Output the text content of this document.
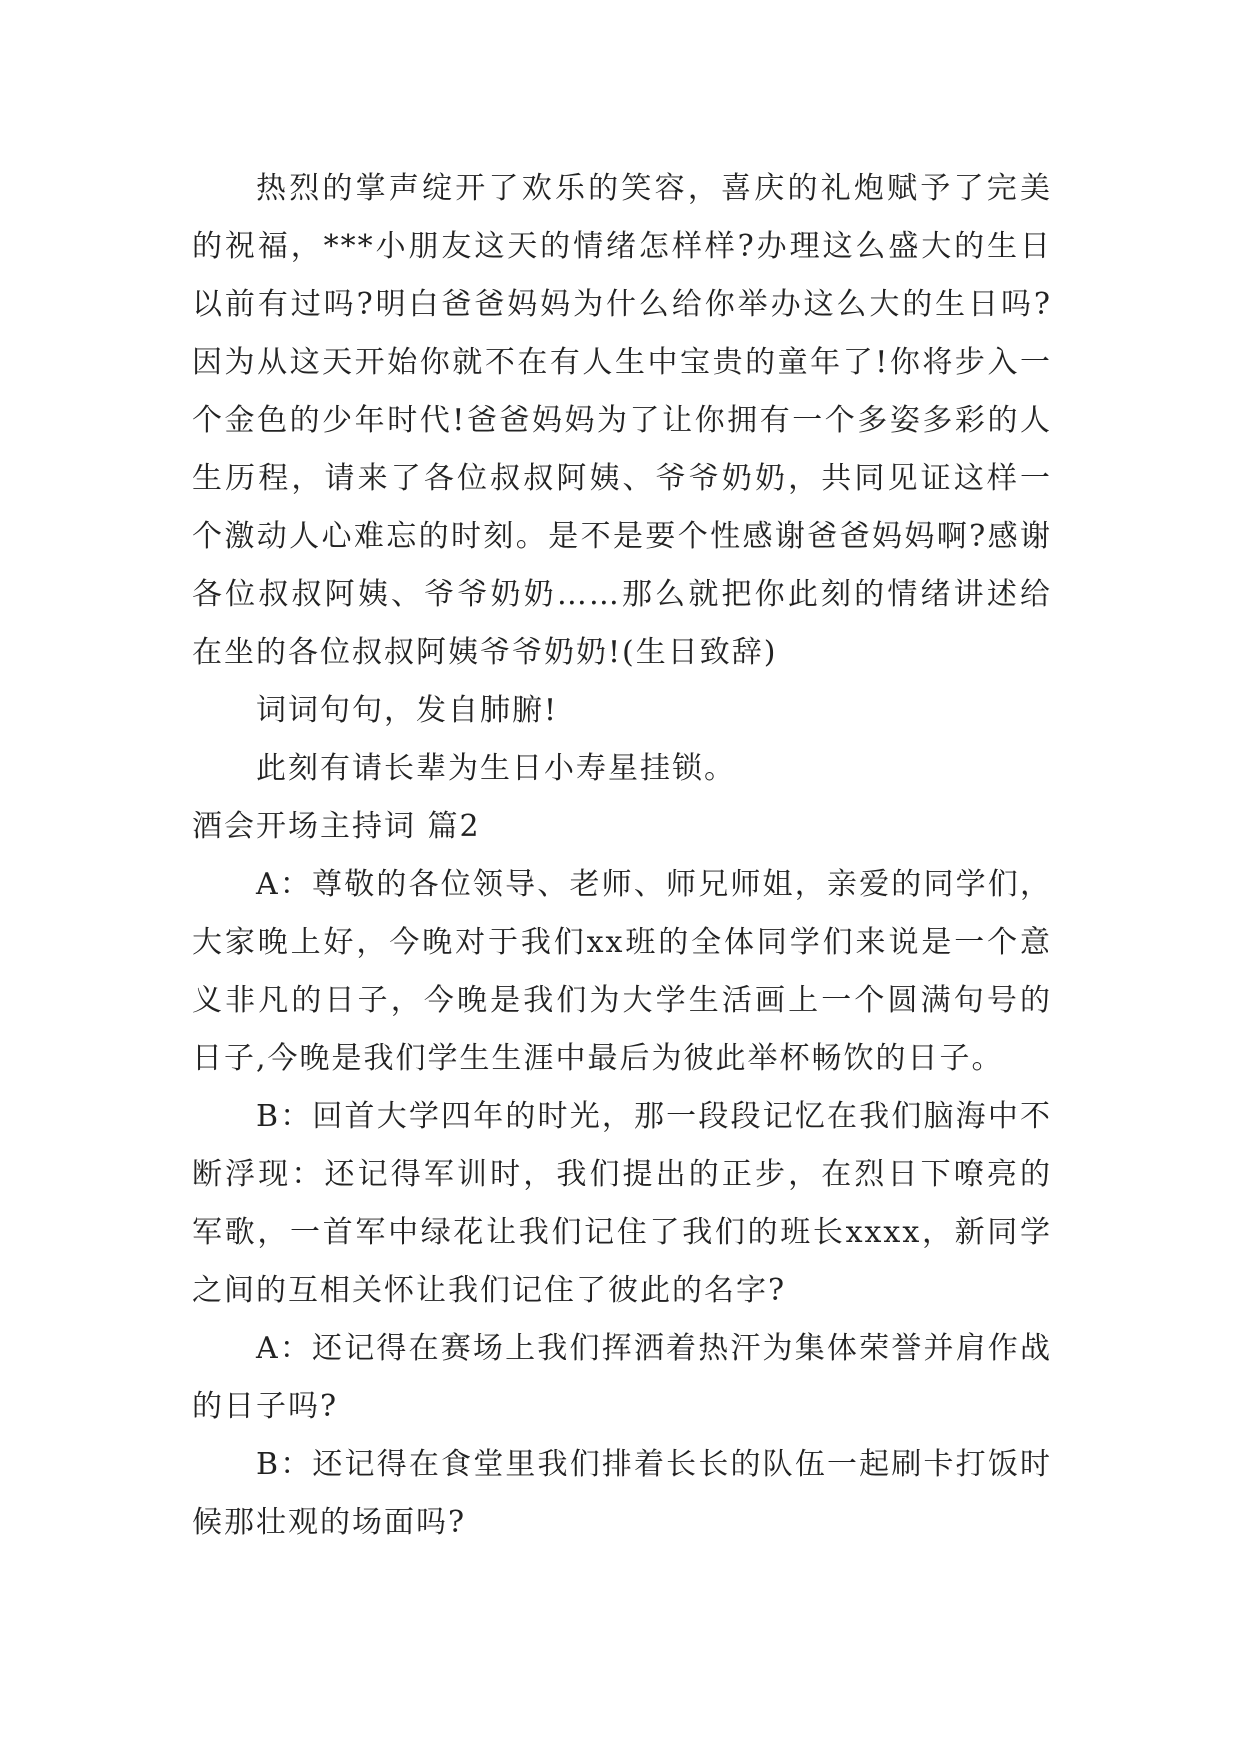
热烈的掌声绽开了欢乐的笑容，喜庆的礼炮赋予了完美的祝福，***小朋友这天的情绪怎样样?办理这么盛大的生日以前有过吗?明白爸爸妈妈为什么给你举办这么大的生日吗?因为从这天开始你就不在有人生中宝贵的童年了!你将步入一个金色的少年时代!爸爸妈妈为了让你拥有一个多姿多彩的人生历程，请来了各位叔叔阿姨、爷爷奶奶，共同见证这样一个激动人心难忘的时刻。是不是要个性感谢爸爸妈妈啊?感谢各位叔叔阿姨、爷爷奶奶……那么就把你此刻的情绪讲述给在坐的各位叔叔阿姨爷爷奶奶!(生日致辞)

词词句句，发自肺腑!

此刻有请长辈为生日小寿星挂锁。

酒会开场主持词 篇2

A：尊敬的各位领导、老师、师兄师姐，亲爱的同学们，大家晚上好，今晚对于我们xx班的全体同学们来说是一个意义非凡的日子，今晚是我们为大学生活画上一个圆满句号的日子,今晚是我们学生生涯中最后为彼此举杯畅饮的日子。

B：回首大学四年的时光，那一段段记忆在我们脑海中不断浮现：还记得军训时，我们提出的正步，在烈日下嘹亮的军歌，一首军中绿花让我们记住了我们的班长xxxx，新同学之间的互相关怀让我们记住了彼此的名字?

A：还记得在赛场上我们挥洒着热汗为集体荣誉并肩作战的日子吗?

B：还记得在食堂里我们排着长长的队伍一起刷卡打饭时候那壮观的场面吗?
